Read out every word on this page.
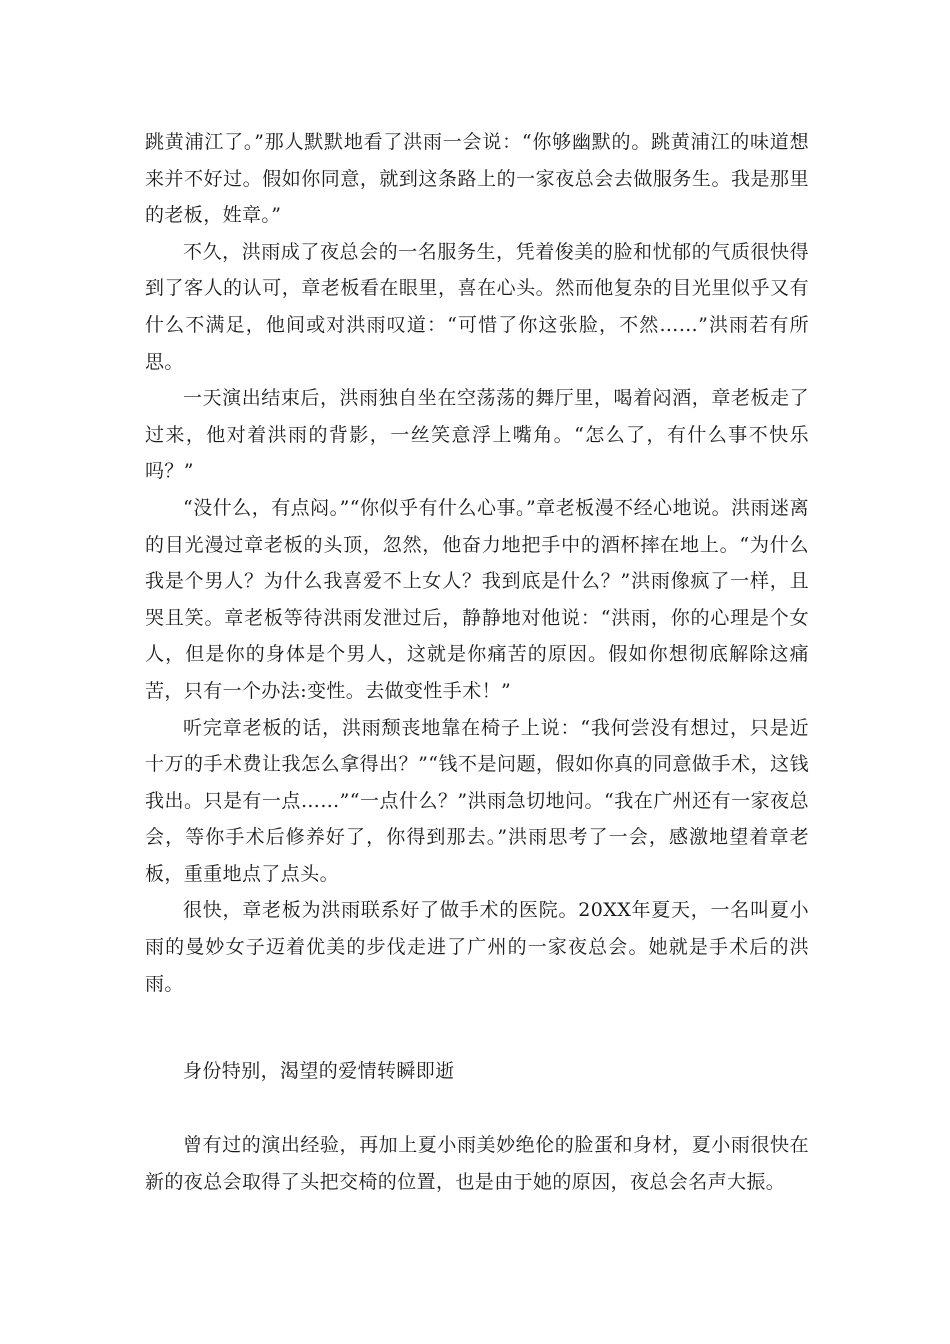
跳黄浦江了。”那人默默地看了洪雨一会说：“你够幽默的。跳黄浦江的味道想来并不好过。假如你同意，就到这条路上的一家夜总会去做服务生。我是那里的老板，姓章。”

不久，洪雨成了夜总会的一名服务生，凭着俊美的脸和忧郁的气质很快得到了客人的认可，章老板看在眼里，喜在心头。然而他复杂的目光里似乎又有什么不满足，他间或对洪雨叹道：“可惜了你这张脸，不然……”洪雨若有所思。

一天演出结束后，洪雨独自坐在空荡荡的舞厅里，喝着闷酒，章老板走了过来，他对着洪雨的背影，一丝笑意浮上嘴角。“怎么了，有什么事不快乐吗？”

“没什么，有点闷。”“你似乎有什么心事。”章老板漫不经心地说。洪雨迷离的目光漫过章老板的头顶，忽然，他奋力地把手中的酒杯摔在地上。“为什么我是个男人？为什么我喜爱不上女人？我到底是什么？”洪雨像疯了一样，且哭且笑。章老板等待洪雨发泄过后，静静地对他说：“洪雨，你的心理是个女人，但是你的身体是个男人，这就是你痛苦的原因。假如你想彻底解除这痛苦，只有一个办法:变性。去做变性手术！”

听完章老板的话，洪雨颓丧地靠在椅子上说：“我何尝没有想过，只是近十万的手术费让我怎么拿得出？”“钱不是问题，假如你真的同意做手术，这钱我出。只是有一点……”“一点什么？”洪雨急切地问。“我在广州还有一家夜总会，等你手术后修养好了，你得到那去。”洪雨思考了一会，感激地望着章老板，重重地点了点头。

很快，章老板为洪雨联系好了做手术的医院。20XX年夏天，一名叫夏小雨的曼妙女子迈着优美的步伐走进了广州的一家夜总会。她就是手术后的洪雨。

身份特别，渴望的爱情转瞬即逝

曾有过的演出经验，再加上夏小雨美妙绝伦的脸蛋和身材，夏小雨很快在新的夜总会取得了头把交椅的位置，也是由于她的原因，夜总会名声大振。
